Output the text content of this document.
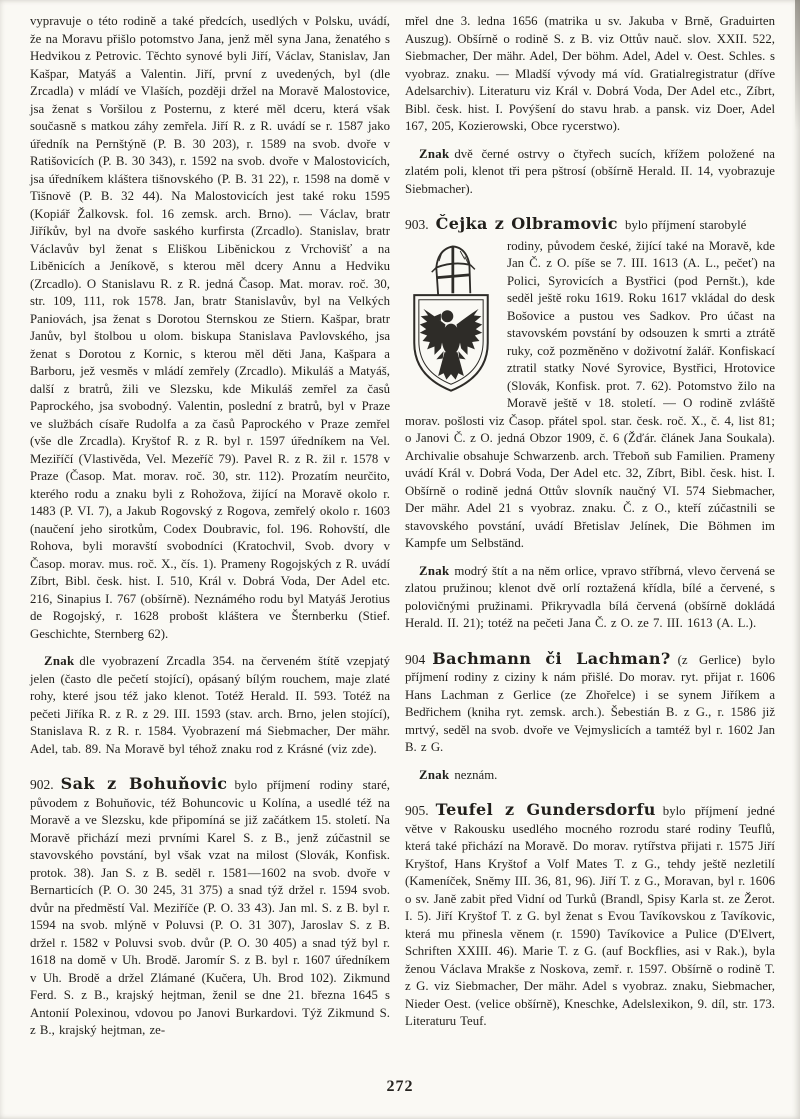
vypravuje o této rodině a také předcích, usedlých v Polsku, uvádí, že na Moravu přišlo potomstvo Jana, jenž měl syna Jana, ženatého s Hedvikou z Petrovic. Těchto synové byli Jiří, Václav, Stanislav, Jan Kašpar, Matyáš a Valentin. Jiří, první z uvedených, byl (dle Zrcadla) v mládí ve Vlaších, později držel na Moravě Malostovice, jsa ženat s Voršilou z Posternu, z které měl dceru, která však současně s matkou záhy zemřela. Jiří R. z R. uvádí se r. 1587 jako úředník na Pernštýně (P. B. 30 203), r. 1589 na svob. dvoře v Ratišovicích (P. B. 30 343), r. 1592 na svob. dvoře v Malostovicích, jsa úředníkem kláštera tišnovského (P. B. 31 22), r. 1598 na domě v Tišnově (P. B. 32 44). Na Malostovicích jest také roku 1595 (Kopiář Žalkovsk. fol. 16 zemsk. arch. Brno). — Václav, bratr Jiříkův, byl na dvoře saského kurfirsta (Zrcadlo). Stanislav, bratr Václavův byl ženat s Eliškou Liběnickou z Vrchovišť a na Liběnicích a Jeníkově, s kterou měl dcery Annu a Hedviku (Zrcadlo). O Stanislavu R. z R. jedná Časop. Mat. morav. roč. 30, str. 109, 111, rok 1578. Jan, bratr Stanislavův, byl na Velkých Paniovách, jsa ženat s Dorotou Sternskou ze Stiern. Kašpar, bratr Janův, byl štolbou u olom. biskupa Stanislava Pavlovského, jsa ženat s Dorotou z Kornic, s kterou měl děti Jana, Kašpara a Barboru, jež vesměs v mládí zemřely (Zrcadlo). Mikuláš a Matyáš, další z bratrů, žili ve Slezsku, kde Mikuláš zemřel za časů Paprockého, jsa svobodný. Valentin, poslední z bratrů, byl v Praze ve službách císaře Rudolfa a za časů Paprockého v Praze zemřel (vše dle Zrcadla). Kryštof R. z R. byl r. 1597 úředníkem na Vel. Meziříčí (Vlastivěda, Vel. Mezeříč 79). Pavel R. z R. žil r. 1578 v Praze (Časop. Mat. morav. roč. 30, str. 112). Prozatím neurčito, kterého rodu a znaku byli z Rohožova, žijící na Moravě okolo r. 1483 (P. VI. 7), a Jakub Rogovský z Rogova, zemřelý okolo r. 1603 (naučení jeho sirotkům, Codex Doubravic, fol. 196. Rohovští, dle Rohova, byli moravští svobodníci (Kratochvil, Svob. dvory v Časop. morav. mus. roč. X., čís. 1). Prameny Rogojských z R. uvádí Zíbrt, Bibl. česk. hist. I. 510, Král v. Dobrá Voda, Der Adel etc. 216, Sinapius I. 767 (obšírně). Neznámého rodu byl Matyáš Jerotius de Rogojský, r. 1628 probošt kláštera ve Šternberku (Stief. Geschichte, Sternberg 62).

Znak dle vyobrazení Zrcadla 354. na červeném štítě vzepjatý jelen (často dle pečetí stojící), opásaný bílým rouchem, maje zlaté rohy, které jsou též jako klenot. Totéž Herald. II. 593. Totéž na pečeti Jiříka R. z R. z 29. III. 1593 (stav. arch. Brno, jelen stojící), Stanislava R. z R. r. 1584. Vyobrazení má Siebmacher, Der mähr. Adel, tab. 89. Na Moravě byl téhož znaku rod z Krásné (viz zde).

902. Sak z Bohuňovic bylo příjmení rodiny staré, původem z Bohuňovic, též Bohuncovic u Kolína, a usedlé též na Moravě a ve Slezsku, kde připomíná se již začátkem 15. století. Na Moravě přichází mezi prvními Karel S. z B., jenž zúčastnil se stavovského povstání, byl však vzat na milost (Slovák, Konfisk. protok. 38). Jan S. z B. seděl r. 1581—1602 na svob. dvoře v Bernarticích (P. O. 30 245, 31 375) a snad týž držel r. 1594 svob. dvůr na předměstí Val. Meziříče (P. O. 33 43). Jan ml. S. z B. byl r. 1594 na svob. mlýně v Poluvsi (P. O. 31 307), Jaroslav S. z B. držel r. 1582 v Poluvsi svob. dvůr (P. O. 30 405) a snad týž byl r. 1618 na domě v Uh. Brodě. Jaromír S. z B. byl r. 1607 úředníkem v Uh. Brodě a držel Zlámané (Kučera, Uh. Brod 102). Zikmund Ferd. S. z B., krajský hejtman, ženil se dne 21. března 1645 s Antonií Polexinou, vdovou po Janovi Burkardovi. Týž Zikmund S. z B., krajský hejtman, ze-

mřel dne 3. ledna 1656 (matrika u sv. Jakuba v Brně, Graduirten Auszug). Obšírně o rodině S. z B. viz Ottův nauč. slov. XXII. 522, Siebmacher, Der mähr. Adel, Der böhm. Adel, Adel v. Oest. Schles. s vyobraz. znaku. — Mladší vývody má víd. Gratialregistratur (dříve Adelsarchiv). Literaturu viz Král v. Dobrá Voda, Der Adel etc., Zíbrt, Bibl. česk. hist. I. Povýšení do stavu hrab. a pansk. viz Doer, Adel 167, 205, Kozierowski, Obce rycerstwo).

Znak dvě černé ostrvy o čtyřech sucích, křížem položené na zlatém poli, klenot tři pera pštrosí (obšírně Herald. II. 14, vyobrazuje Siebmacher).

903. Čejka z Olbramovic bylo příjmení starobylé

rodiny, původem české, žijící také na Moravě, kde Jan Č. z O. píše se 7. III. 1613 (A. L., pečeť) na Polici, Syrovicích a Bystřici (pod Pernšt.), kde seděl ještě roku 1619. Roku 1617 vkládal do desk Bošovice a pustou ves Sadkov. Pro účast na stavovském povstání by odsouzen k smrti a ztrátě ruky, což pozměněno v doživotní žalář. Konfiskací ztratil statky Nové Syrovice, Bystřici, Hrotovice (Slovák, Konfisk. prot. 7. 62). Potomstvo žilo na Moravě ještě v 18. století. — O rodině zvláště morav. pošlosti viz Časop. přátel spol. star. česk. roč. X., č. 4, list 81; o Janovi Č. z O. jedná Obzor 1909, č. 6 (Žďár. článek Jana Soukala). Archivalie obsahuje Schwarzenb. arch. Třeboň sub Familien. Prameny uvádí Král v. Dobrá Voda, Der Adel etc. 32, Zíbrt, Bibl. česk. hist. I. Obšírně o rodině jedná Ottův slovník naučný VI. 574 Siebmacher, Der mähr. Adel 21 s vyobraz. znaku. Č. z O., kteří zúčastnili se stavovského povstání, uvádí Břetislav Jelínek, Die Böhmen im Kampfe um Selbständ.

Znak modrý štít a na něm orlice, vpravo stříbrná, vlevo červená se zlatou pružinou; klenot dvě orlí roztažená křídla, bílé a červené, s polovičnými pružinami. Přikryvadla bílá červená (obšírně dokládá Herald. II. 21); totéž na pečeti Jana Č. z O. ze 7. III. 1613 (A. L.).

904 Bachmann či Lachman? (z Gerlice) bylo příjmení rodiny z ciziny k nám přišlé. Do morav. ryt. přijat r. 1606 Hans Lachman z Gerlice (ze Zhořelce) i se synem Jiříkem a Bedřichem (kniha ryt. zemsk. arch.). Šebestián B. z G., r. 1586 již mrtvý, seděl na svob. dvoře ve Vejmyslicích a tamtéž byl r. 1602 Jan B. z G.

Znak neznám.

905. Teufel z Gundersdorfu bylo příjmení jedné větve v Rakousku usedlého mocného rozrodu staré rodiny Teuflů, která také přichází na Moravě. Do morav. rytířstva přijati r. 1575 Jiří Kryštof, Hans Kryštof a Volf Mates T. z G., tehdy ještě nezletilí (Kameníček, Sněmy III. 36, 81, 96). Jiří T. z G., Moravan, byl r. 1606 o sv. Janě zabit před Vidní od Turků (Brandl, Spisy Karla st. ze Žerot. I. 5). Jiří Kryštof T. z G. byl ženat s Evou Tavíkovskou z Tavíkovic, která mu přinesla věnem (r. 1590) Tavíkovice a Pulice (D'Elvert, Schriften XXIII. 46). Marie T. z G. (auf Bockflies, asi v Rak.), byla ženou Václava Mrakše z Noskova, zemř. r. 1597. Obšírně o rodině T. z G. viz Siebmacher, Der mähr. Adel s vyobraz. znaku, Siebmacher, Nieder Oest. (velice obšírně), Kneschke, Adelslexikon, 9. díl, str. 173. Literaturu Teuf.

272
